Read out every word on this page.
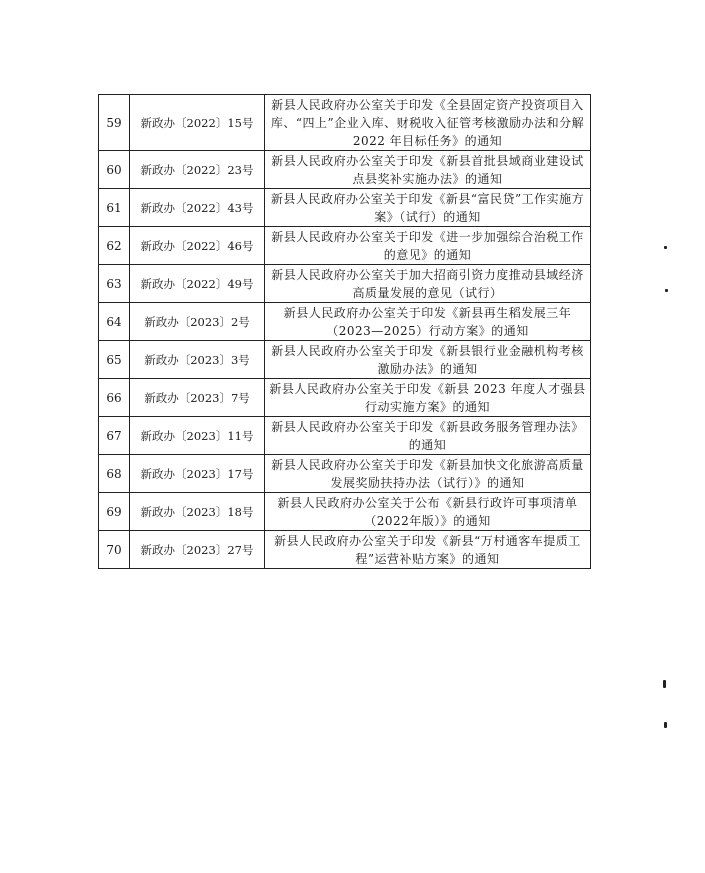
59	新政办〔2022〕15号	新县人民政府办公室关于印发《全县固定资产投资项目入库、“四上”企业入库、财税收入征管考核激励办法和分解 2022 年目标任务》的通知
60	新政办〔2022〕23号	新县人民政府办公室关于印发《新县首批县域商业建设试点县奖补实施办法》的通知
61	新政办〔2022〕43号	新县人民政府办公室关于印发《新县“富民贷”工作实施方案》（试行）的通知
62	新政办〔2022〕46号	新县人民政府办公室关于印发《进一步加强综合治税工作的意见》的通知
63	新政办〔2022〕49号	新县人民政府办公室关于加大招商引资力度推动县域经济高质量发展的意见（试行）
64	新政办〔2023〕2号	新县人民政府办公室关于印发《新县再生稻发展三年（2023—2025）行动方案》的通知
65	新政办〔2023〕3号	新县人民政府办公室关于印发《新县银行业金融机构考核激励办法》的通知
66	新政办〔2023〕7号	新县人民政府办公室关于印发《新县 2023 年度人才强县行动实施方案》的通知
67	新政办〔2023〕11号	新县人民政府办公室关于印发《新县政务服务管理办法》的通知
68	新政办〔2023〕17号	新县人民政府办公室关于印发《新县加快文化旅游高质量发展奖励扶持办法（试行）》的通知
69	新政办〔2023〕18号	新县人民政府办公室关于公布《新县行政许可事项清单（2022年版）》的通知
70	新政办〔2023〕27号	新县人民政府办公室关于印发《新县“万村通客车提质工程”运营补贴方案》的通知
